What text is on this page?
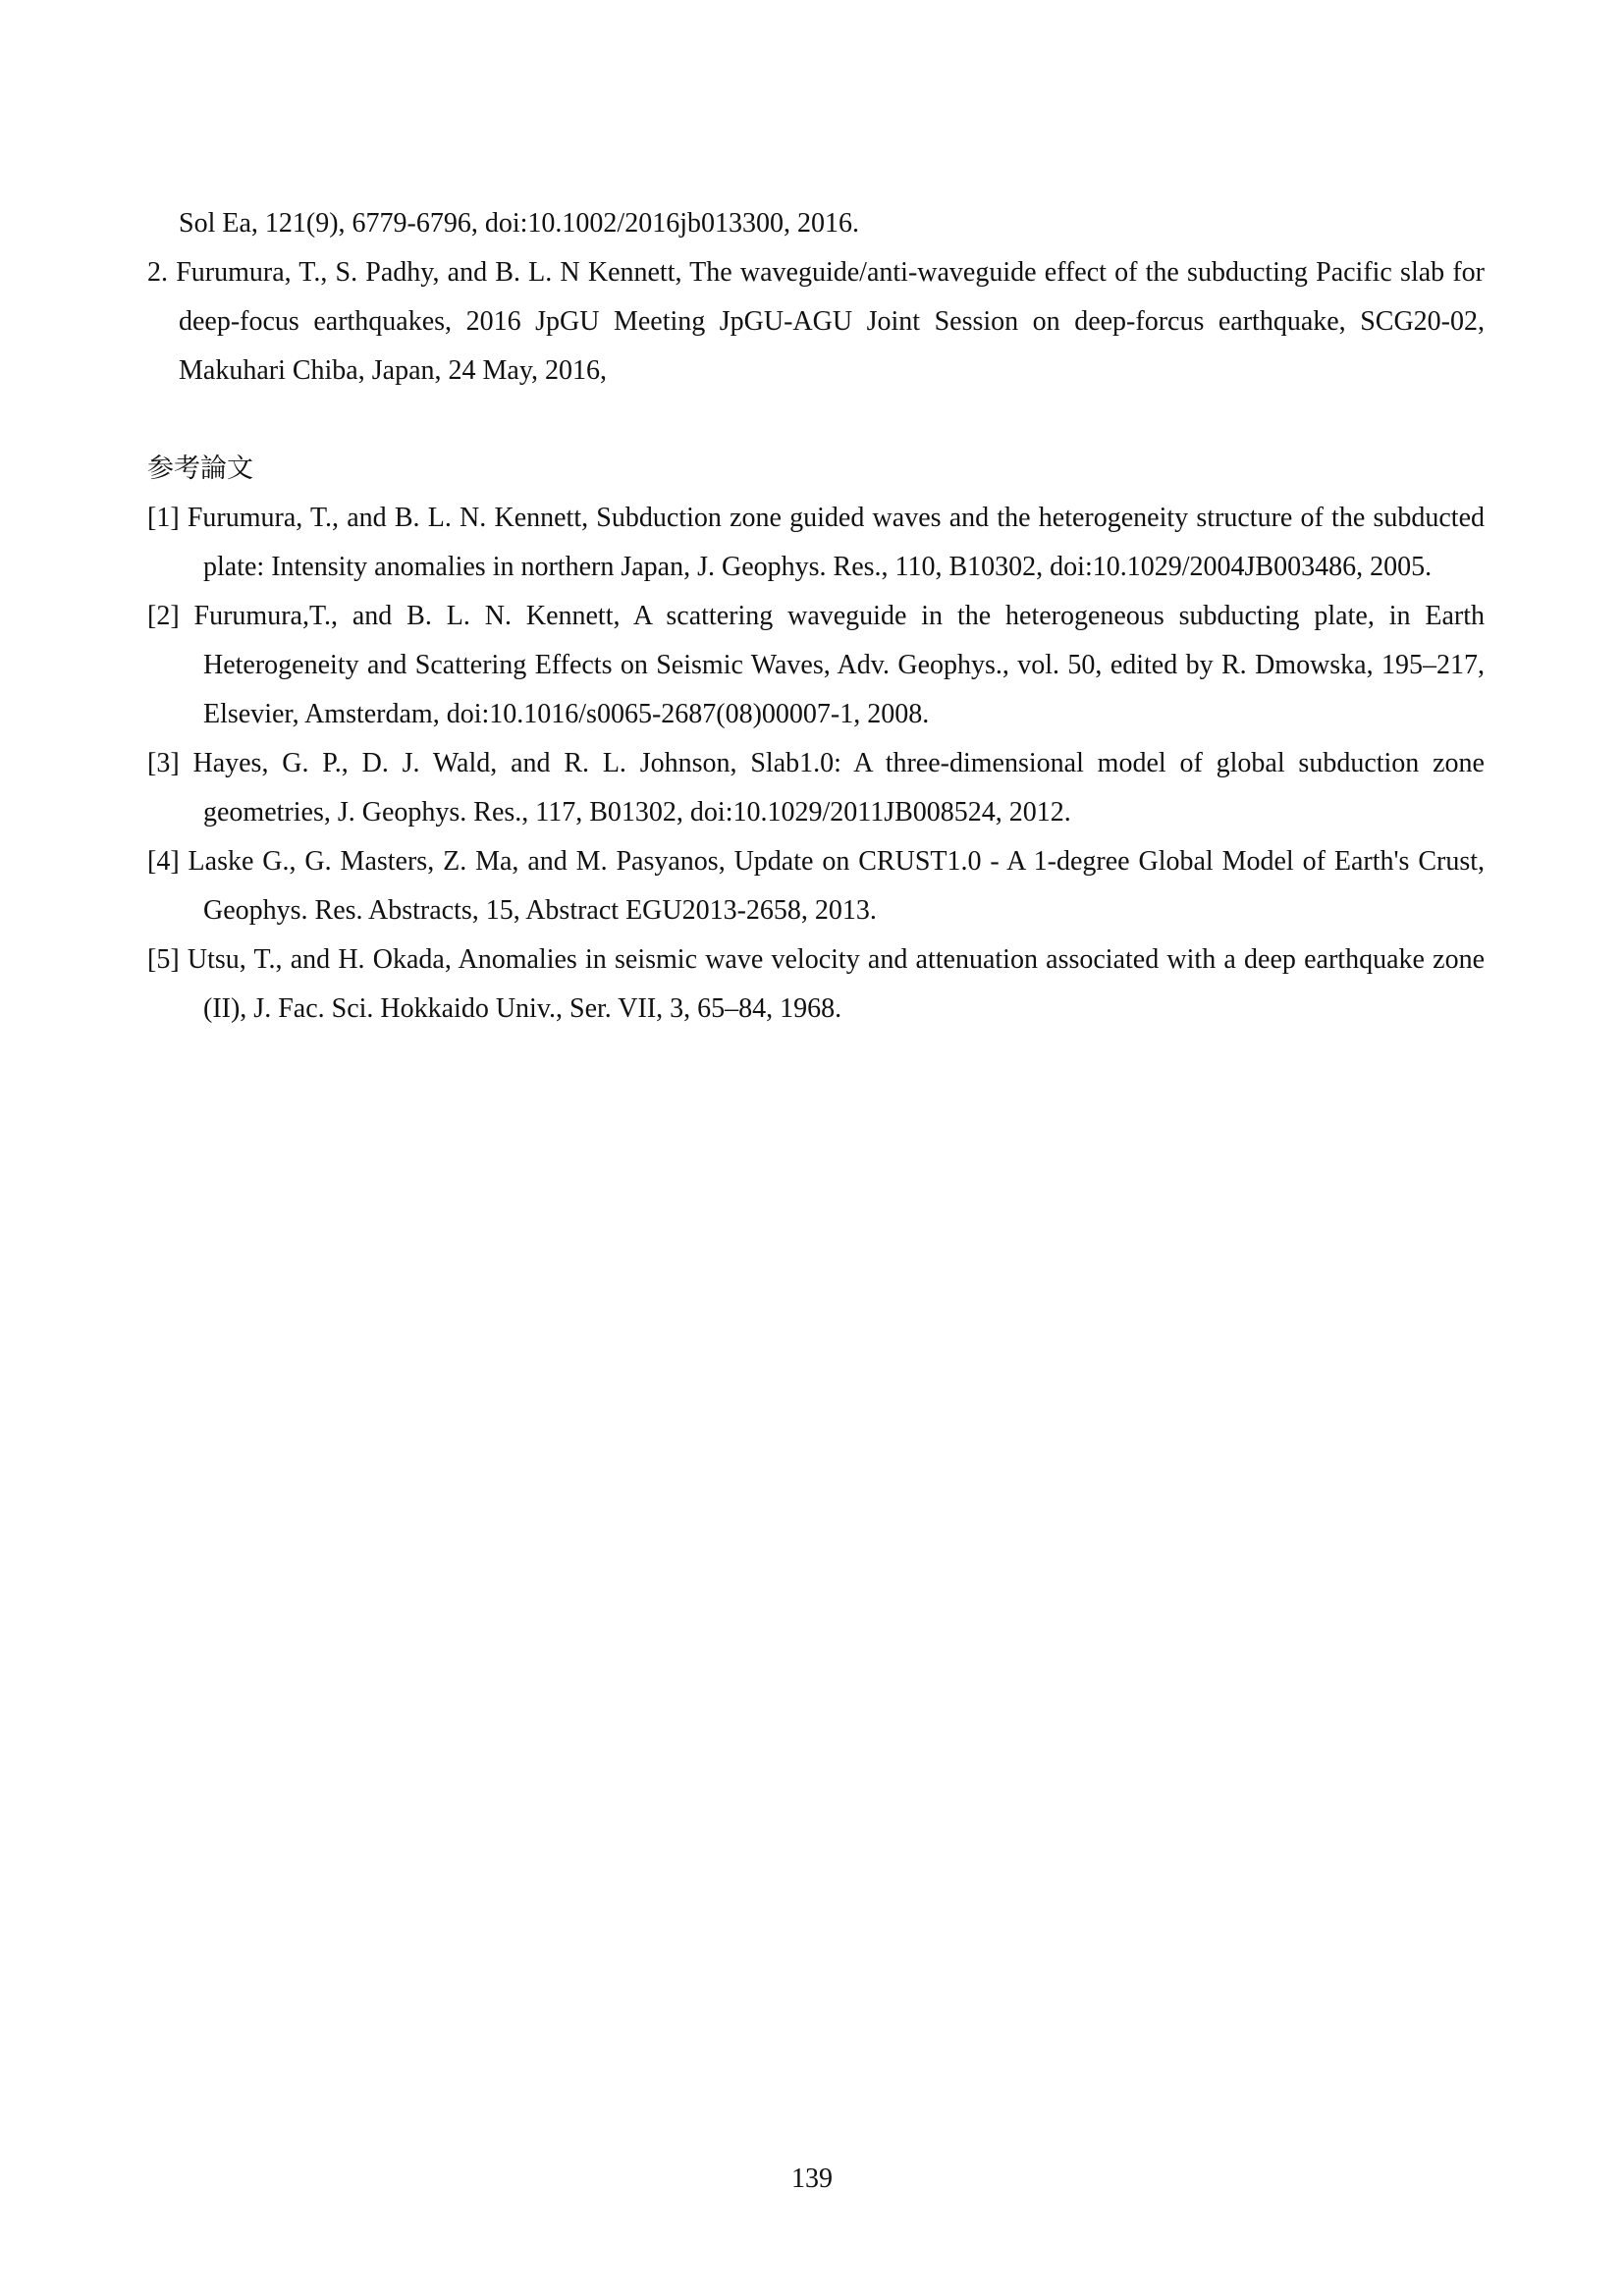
Sol Ea, 121(9), 6779-6796, doi:10.1002/2016jb013300, 2016.

2. Furumura, T., S. Padhy, and B. L. N Kennett, The waveguide/anti-waveguide effect of the subducting Pacific slab for deep-focus earthquakes, 2016 JpGU Meeting JpGU-AGU Joint Session on deep-forcus earthquake, SCG20-02, Makuhari Chiba, Japan, 24 May, 2016,

参考論文

[1] Furumura, T., and B. L. N. Kennett, Subduction zone guided waves and the heterogeneity structure of the subducted plate: Intensity anomalies in northern Japan, J. Geophys. Res., 110, B10302, doi:10.1029/2004JB003486, 2005.

[2] Furumura,T., and B. L. N. Kennett, A scattering waveguide in the heterogeneous subducting plate, in Earth Heterogeneity and Scattering Effects on Seismic Waves, Adv. Geophys., vol. 50, edited by R. Dmowska, 195–217, Elsevier, Amsterdam, doi:10.1016/s0065-2687(08)00007-1, 2008.

[3] Hayes, G. P., D. J. Wald, and R. L. Johnson, Slab1.0: A three-dimensional model of global subduction zone geometries, J. Geophys. Res., 117, B01302, doi:10.1029/2011JB008524, 2012.

[4] Laske G., G. Masters, Z. Ma, and M. Pasyanos, Update on CRUST1.0 - A 1-degree Global Model of Earth's Crust, Geophys. Res. Abstracts, 15, Abstract EGU2013-2658, 2013.

[5] Utsu, T., and H. Okada, Anomalies in seismic wave velocity and attenuation associated with a deep earthquake zone (II), J. Fac. Sci. Hokkaido Univ., Ser. VII, 3, 65–84, 1968.

139
